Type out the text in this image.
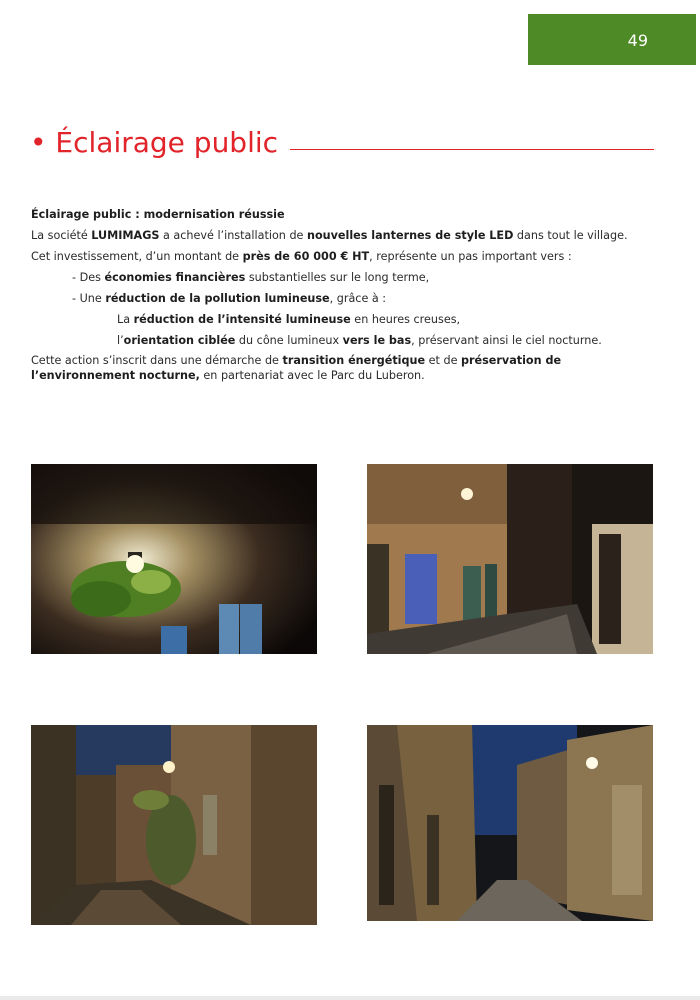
49
• Éclairage public

Éclairage public : modernisation réussie

La société LUMIMAGS a achevé l’installation de nouvelles lanternes de style LED dans tout le village.

Cet investissement, d’un montant de près de 60 000 € HT, représente un pas important vers :

- Des économies financières substantielles sur le long terme,

- Une réduction de la pollution lumineuse, grâce à :

La réduction de l’intensité lumineuse en heures creuses,

l’orientation ciblée du cône lumineux vers le bas, préservant ainsi le ciel nocturne.

Cette action s’inscrit dans une démarche de transition énergétique et de préservation de l’environnement nocturne, en partenariat avec le Parc du Luberon.
